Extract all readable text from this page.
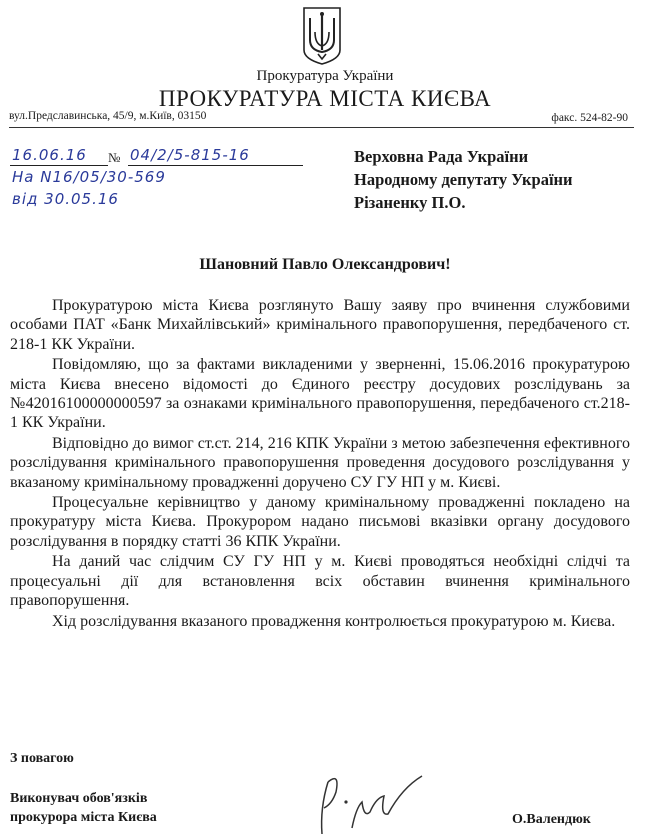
Прокуратура України
ПРОКУРАТУРА МІСТА КИЄВА
вул.Предславинська, 45/9, м.Київ, 03150	факс. 524-82-90
16.06.16 № 04/2/5-815-16
Нa N16/05/30-569
від 30.05.16
Верховна Рада України
Народному депутату України
Різаненку П.О.
Шановний Павло Олександрович!

Прокуратурою міста Києва розглянуто Вашу заяву про вчинення службовими особами ПАТ «Банк Михайлівський» кримінального правопорушення, передбаченого ст. 218-1 КК України.

Повідомляю, що за фактами викладеними у зверненні, 15.06.2016 прокуратурою міста Києва внесено відомості до Єдиного реєстру досудових розслідувань за №42016100000000597 за ознаками кримінального правопорушення, передбаченого ст.218-1 КК України.

Відповідно до вимог ст.ст. 214, 216 КПК України з метою забезпечення ефективного розслідування кримінального правопорушення проведення досудового розслідування у вказаному кримінальному провадженні доручено СУ ГУ НП у м. Києві.

Процесуальне керівництво у даному кримінальному провадженні покладено на прокуратуру міста Києва. Прокурором надано письмові вказівки органу досудового розслідування в порядку статті 36 КПК України.

На даний час слідчим СУ ГУ НП у м. Києві проводяться необхідні слідчі та процесуальні дії для встановлення всіх обставин вчинення кримінального правопорушення.

Хід розслідування вказаного провадження контролюється прокуратурою м. Києва.

З повагою
Виконувач обов'язків
прокурора міста Києва	О.Валендюк
